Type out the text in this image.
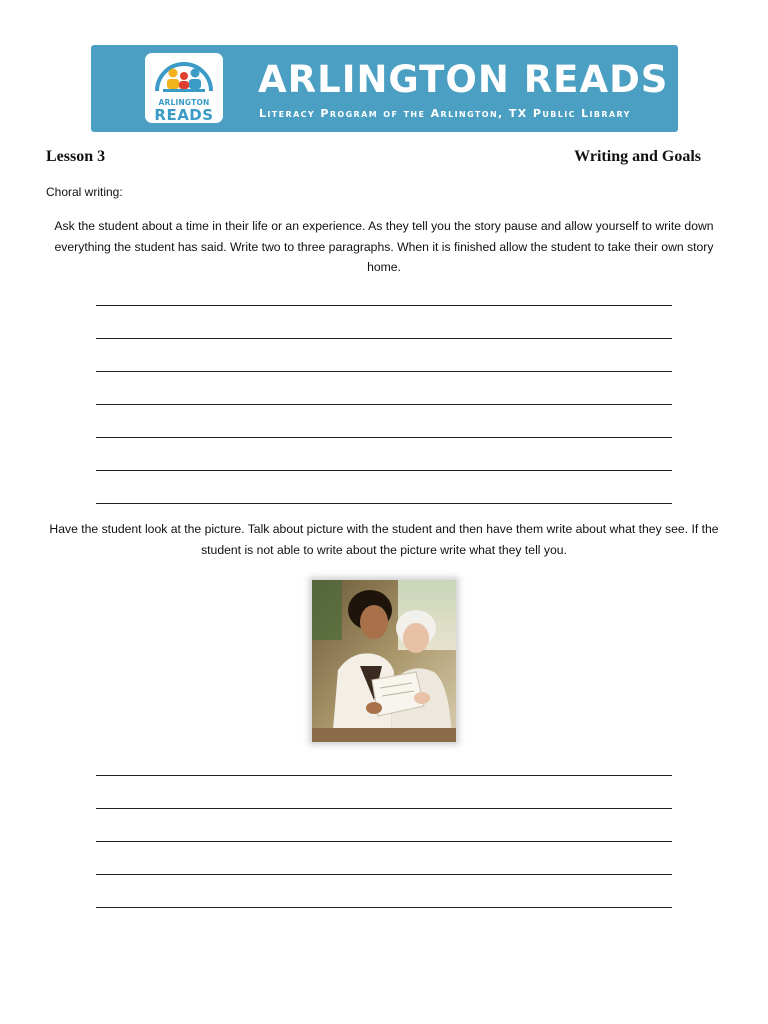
ARLINGTON
READS
ARLINGTON READS
Literacy Program of the Arlington, TX Public Library
Lesson 3	Writing and Goals
Choral writing:
Ask the student about a time in their life or an experience. As they tell you the story pause and allow yourself to write down everything the student has said. Write two to three paragraphs. When it is finished allow the student to take their own story home.
Have the student look at the picture. Talk about picture with the student and then have them write about what they see. If the student is not able to write about the picture write what they tell you.
